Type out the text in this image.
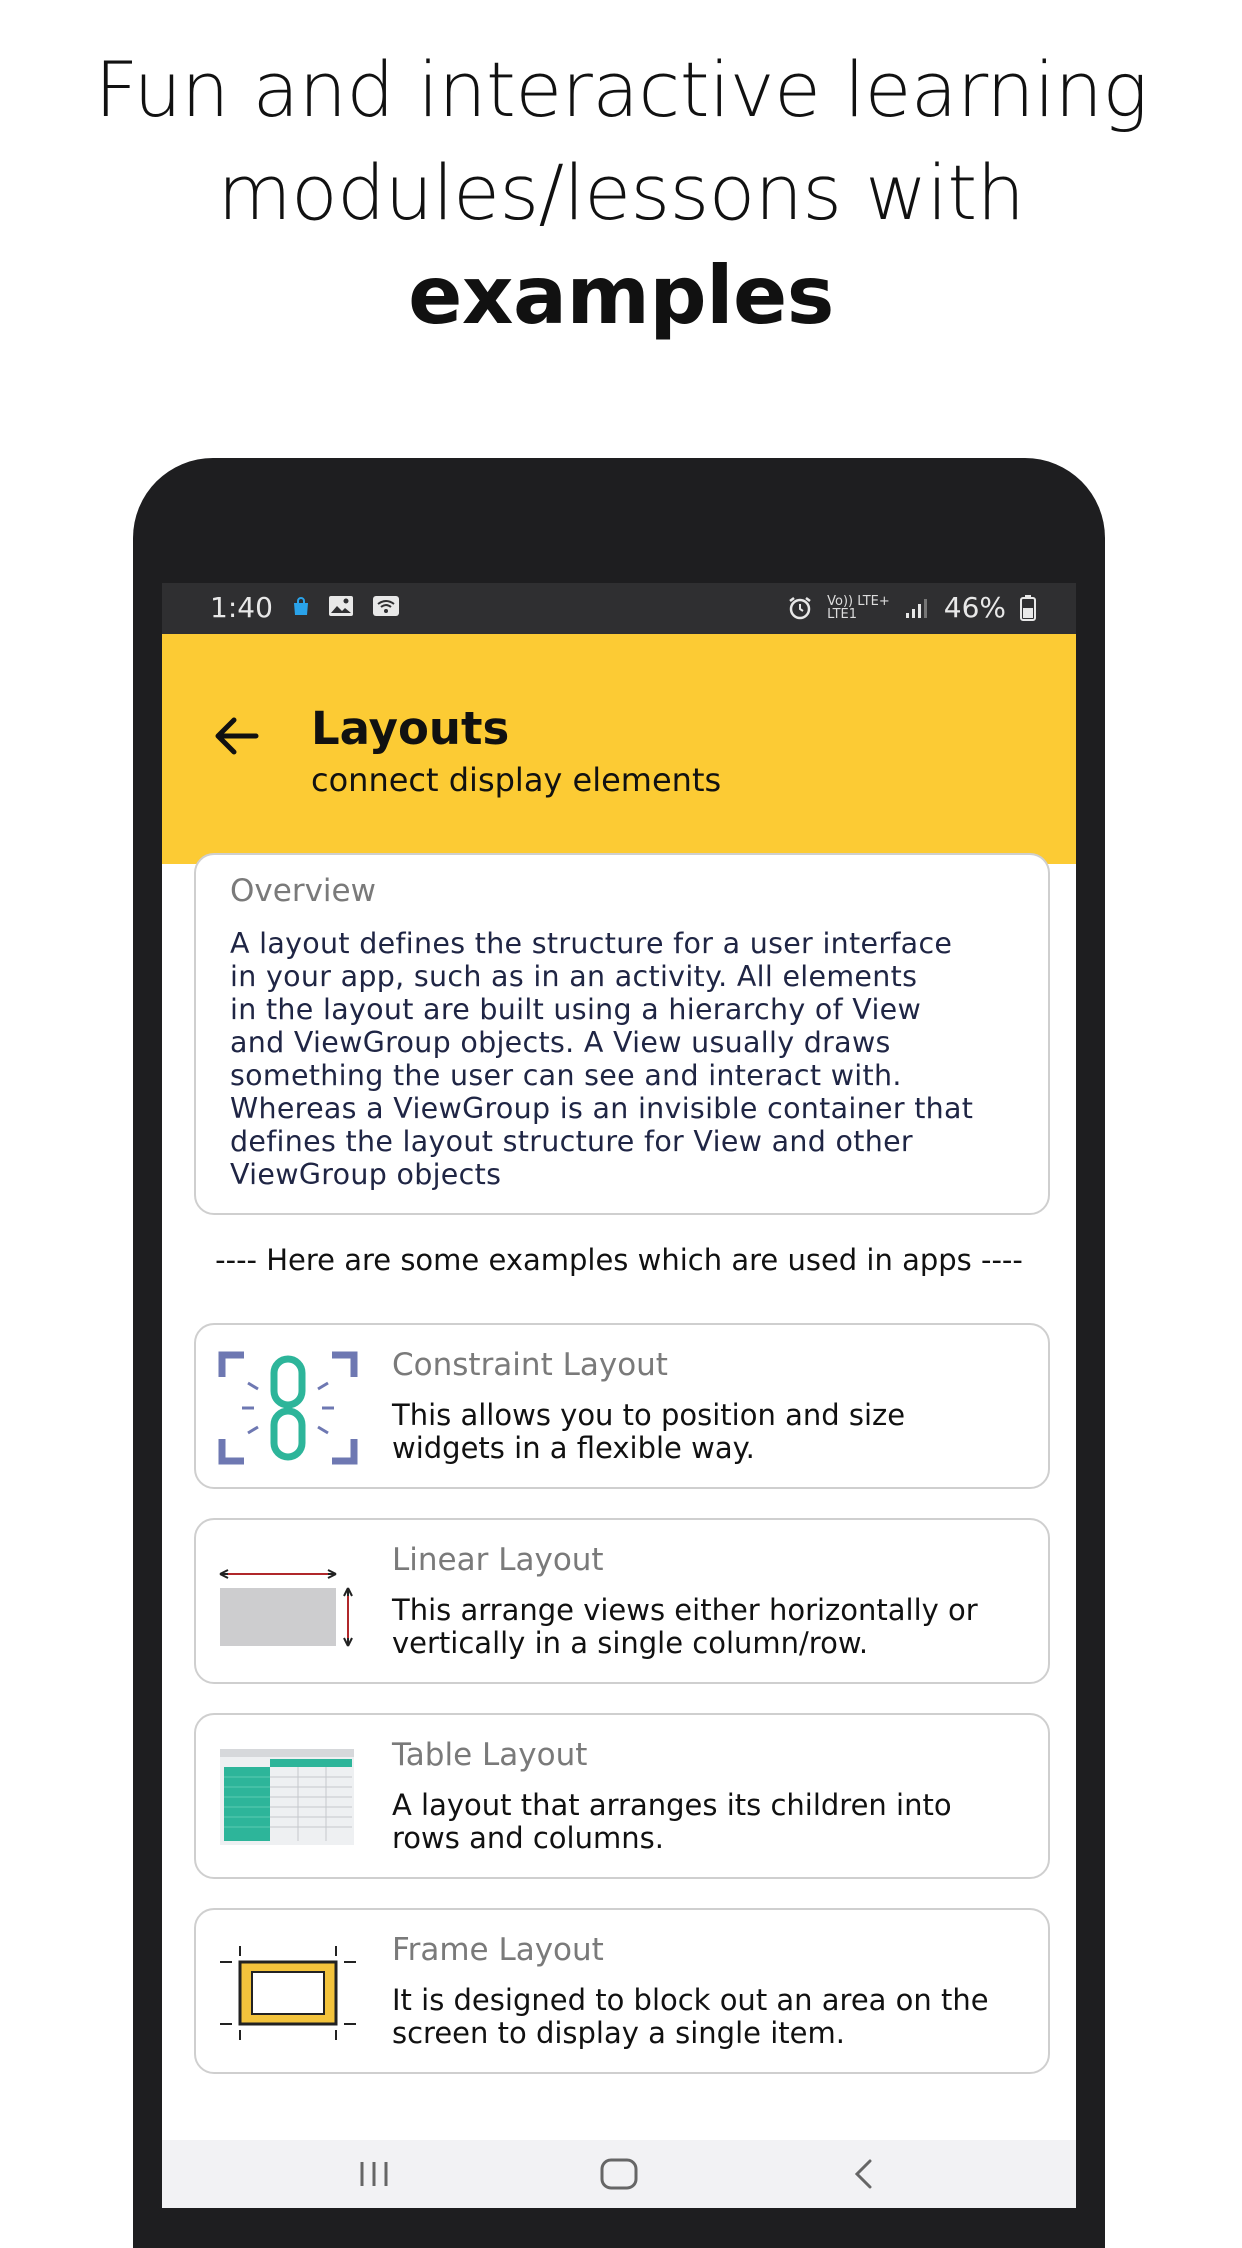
Fun and interactive learning
modules/lessons with
examples
1:40	Vo)) LTE+
LTE1	46%
Layouts
connect display elements
Overview
A layout defines the structure for a user interface
in your app, such as in an activity. All elements
in the layout are built using a hierarchy of View
and ViewGroup objects. A View usually draws
something the user can see and interact with.
Whereas a ViewGroup is an invisible container that
defines the layout structure for View and other
ViewGroup objects
---- Here are some examples which are used in apps ----
Constraint Layout
This allows you to position and size
widgets in a flexible way.
Linear Layout
This arrange views either horizontally or
vertically in a single column/row.
Table Layout
A layout that arranges its children into
rows and columns.
Frame Layout
It is designed to block out an area on the
screen to display a single item.
